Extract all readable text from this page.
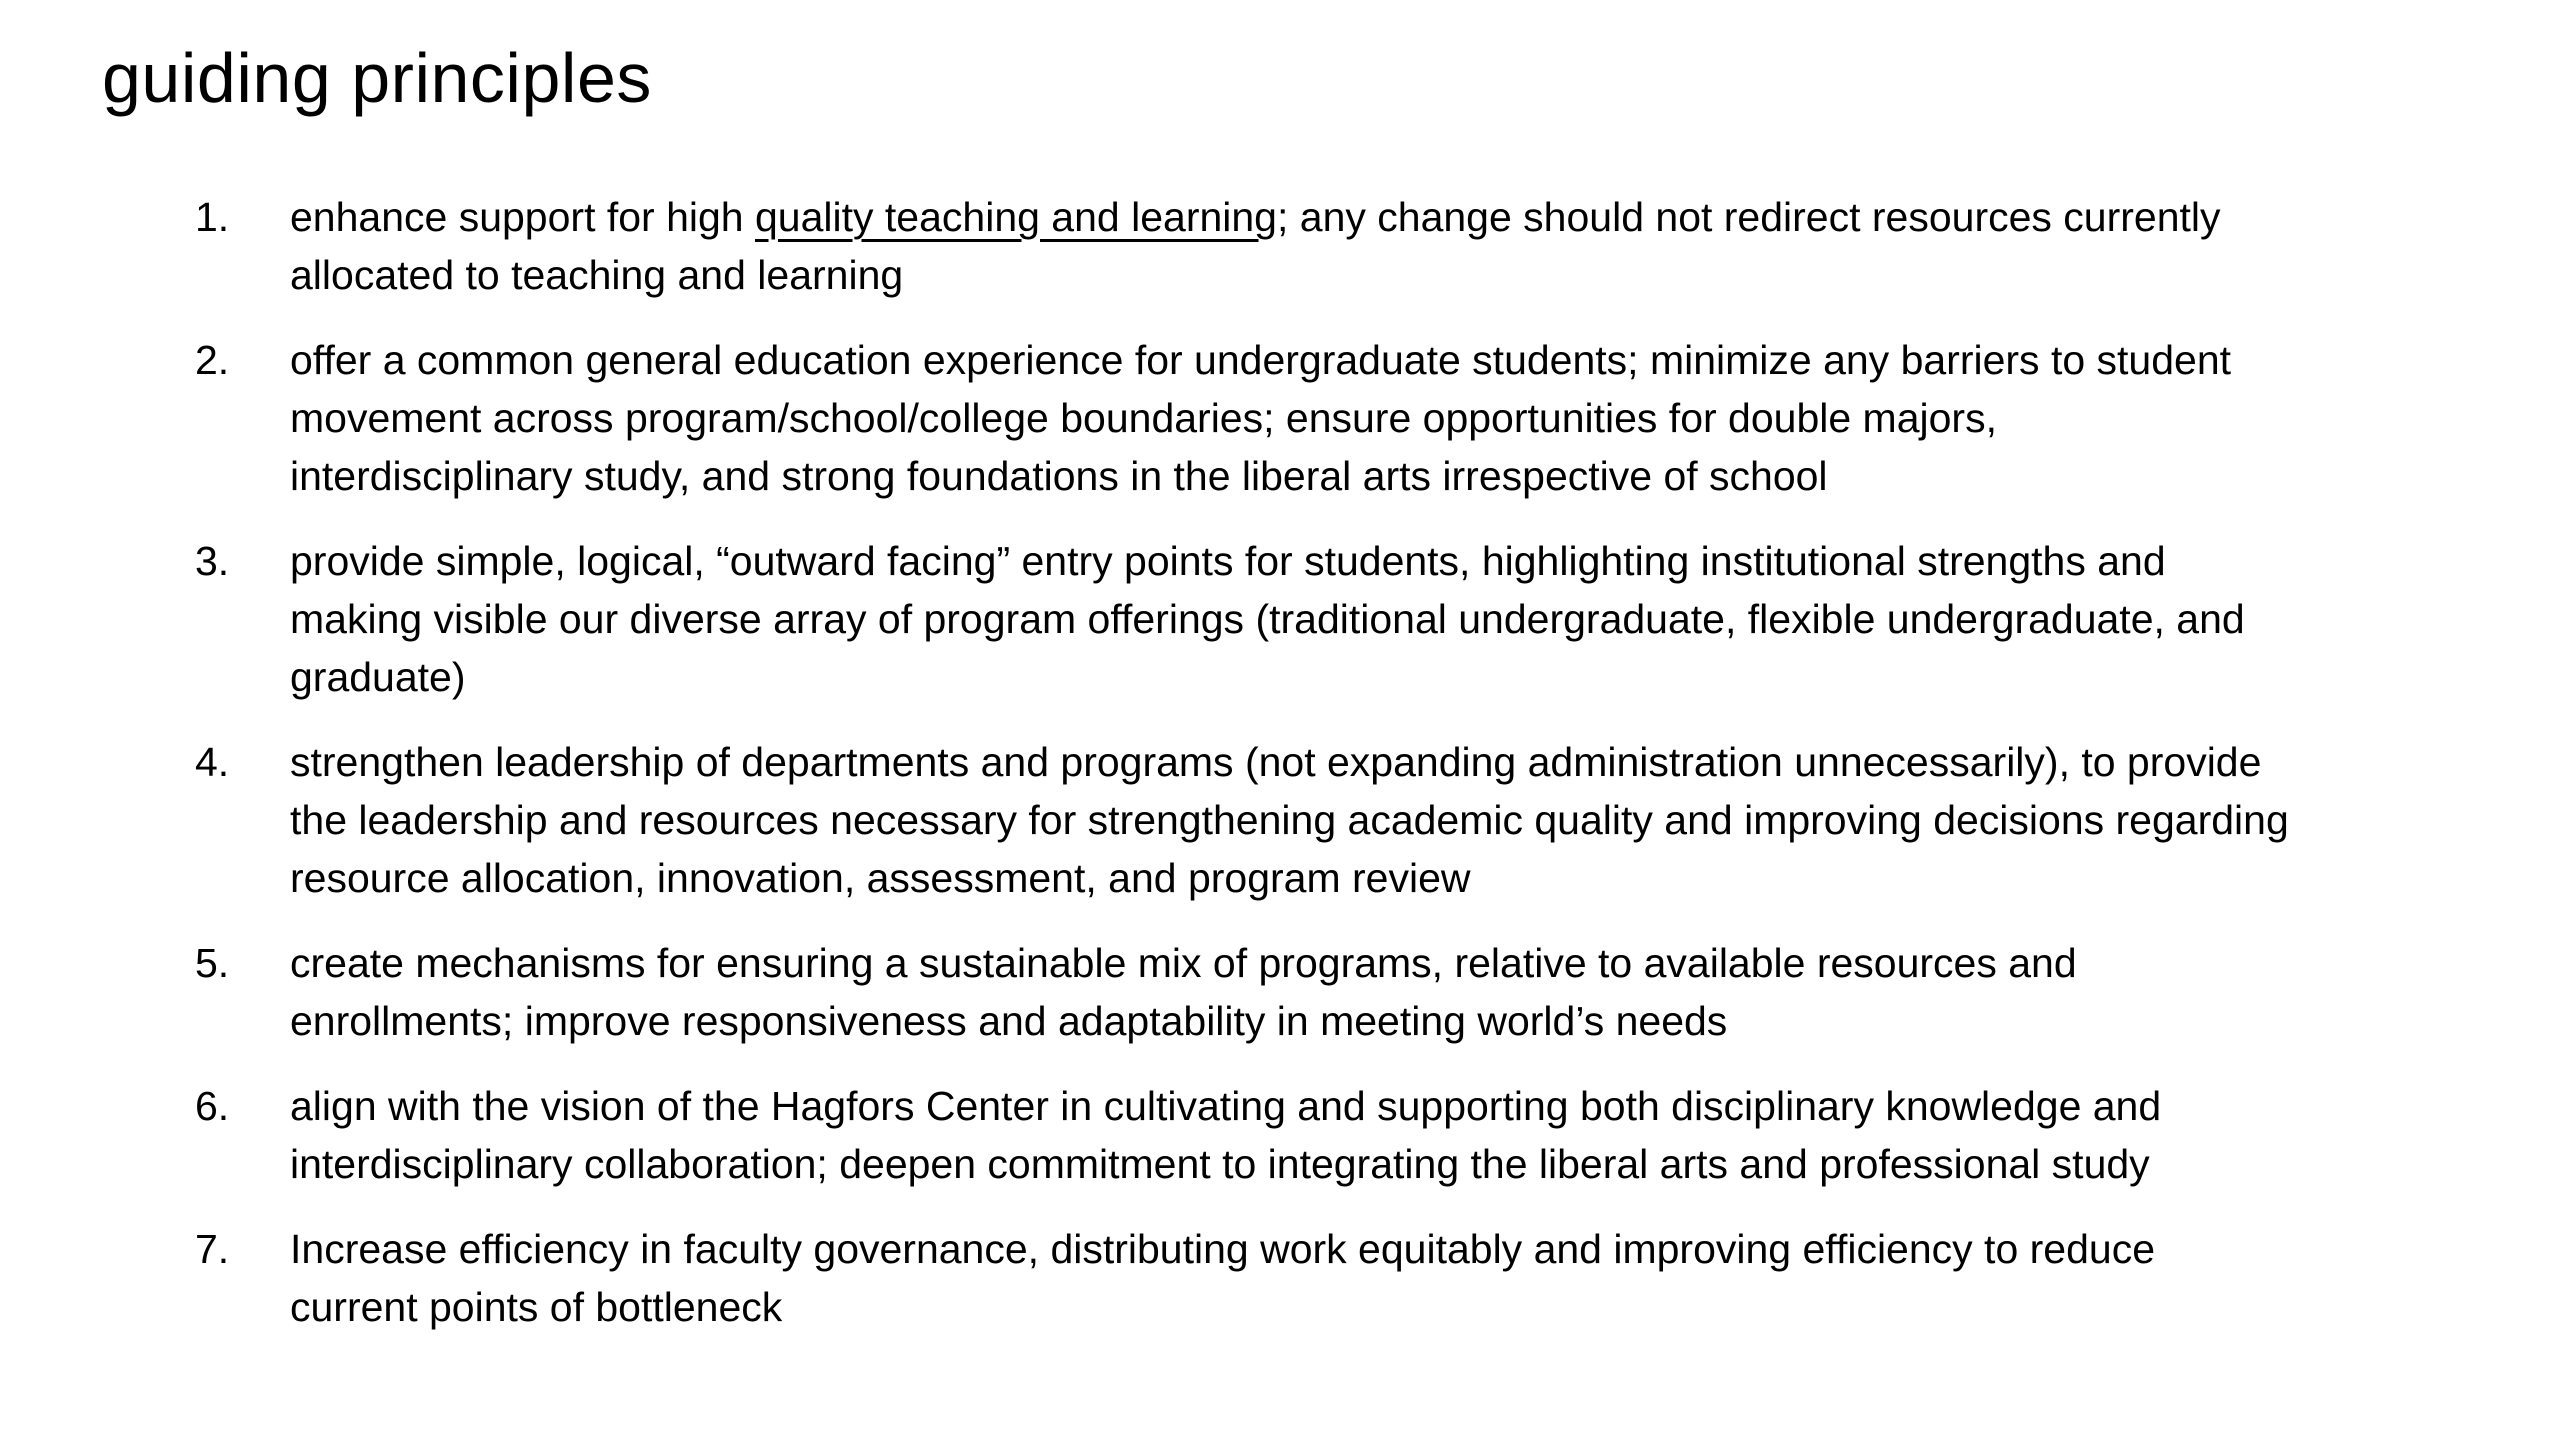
guiding principles
1.	enhance support for high quality teaching and learning; any change should not redirect resources currently
allocated to teaching and learning
2.	offer a common general education experience for undergraduate students; minimize any barriers to student
movement across program/school/college boundaries; ensure opportunities for double majors,
interdisciplinary study, and strong foundations in the liberal arts irrespective of school
3.	provide simple, logical, “outward facing” entry points for students, highlighting institutional strengths and
making visible our diverse array of program offerings (traditional undergraduate, flexible undergraduate, and
graduate)
4.	strengthen leadership of departments and programs (not expanding administration unnecessarily), to provide
the leadership and resources necessary for strengthening academic quality and improving decisions regarding
resource allocation, innovation, assessment, and program review
5.	create mechanisms for ensuring a sustainable mix of programs, relative to available resources and
enrollments; improve responsiveness and adaptability in meeting world’s needs
6.	align with the vision of the Hagfors Center in cultivating and supporting both disciplinary knowledge and
interdisciplinary collaboration; deepen commitment to integrating the liberal arts and professional study
7.	Increase efficiency in faculty governance, distributing work equitably and improving efficiency to reduce
current points of bottleneck
